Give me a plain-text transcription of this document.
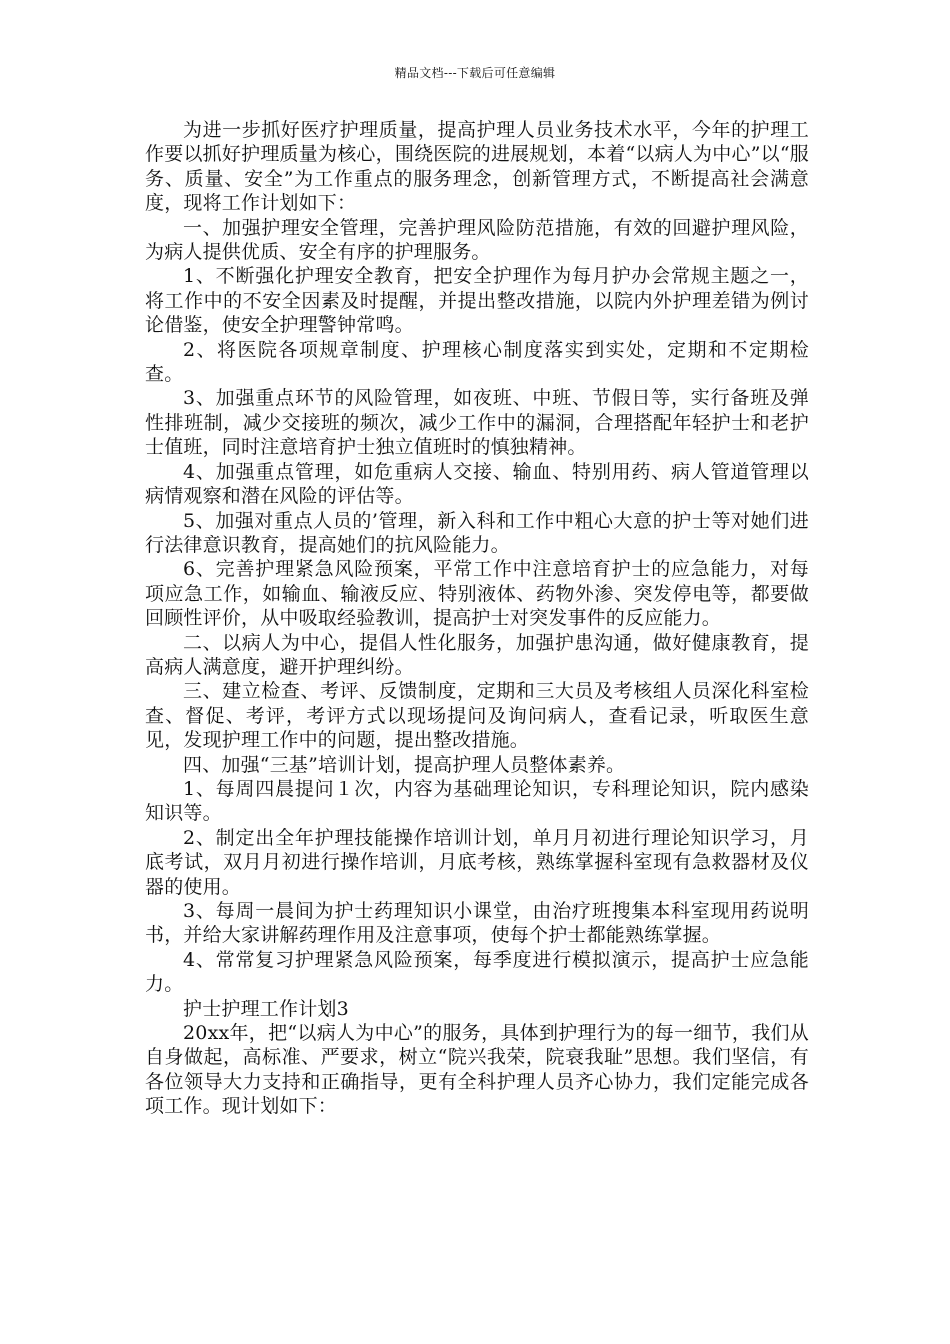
精品文档---下载后可任意编辑

为进一步抓好医疗护理质量，提高护理人员业务技术水平，今年的护理工作要以抓好护理质量为核心，围绕医院的进展规划，本着“以病人为中心”以“服务、质量、安全”为工作重点的服务理念，创新管理方式，不断提高社会满意度，现将工作计划如下：

一、加强护理安全管理，完善护理风险防范措施，有效的回避护理风险，为病人提供优质、安全有序的护理服务。

1、不断强化护理安全教育，把安全护理作为每月护办会常规主题之一，将工作中的不安全因素及时提醒，并提出整改措施，以院内外护理差错为例讨论借鉴，使安全护理警钟常鸣。

2、将医院各项规章制度、护理核心制度落实到实处，定期和不定期检查。

3、加强重点环节的风险管理，如夜班、中班、节假日等，实行备班及弹性排班制，减少交接班的频次，减少工作中的漏洞，合理搭配年轻护士和老护士值班，同时注意培育护士独立值班时的慎独精神。

4、加强重点管理，如危重病人交接、输血、特别用药、病人管道管理以病情观察和潜在风险的评估等。

5、加强对重点人员的’管理，新入科和工作中粗心大意的护士等对她们进行法律意识教育，提高她们的抗风险能力。

6、完善护理紧急风险预案，平常工作中注意培育护士的应急能力，对每项应急工作，如输血、输液反应、特别液体、药物外渗、突发停电等，都要做回顾性评价，从中吸取经验教训，提高护士对突发事件的反应能力。

二、以病人为中心，提倡人性化服务，加强护患沟通，做好健康教育，提高病人满意度，避开护理纠纷。

三、建立检查、考评、反馈制度，定期和三大员及考核组人员深化科室检查、督促、考评，考评方式以现场提问及询问病人，查看记录，听取医生意见，发现护理工作中的问题，提出整改措施。

四、加强“三基”培训计划，提高护理人员整体素养。

1、每周四晨提问１次，内容为基础理论知识，专科理论知识，院内感染知识等。

2、制定出全年护理技能操作培训计划，单月月初进行理论知识学习，月底考试，双月月初进行操作培训，月底考核，熟练掌握科室现有急救器材及仪器的使用。

3、每周一晨间为护士药理知识小课堂，由治疗班搜集本科室现用药说明书，并给大家讲解药理作用及注意事项，使每个护士都能熟练掌握。

4、常常复习护理紧急风险预案，每季度进行模拟演示，提高护士应急能力。

护士护理工作计划3

20xx年，把“以病人为中心”的服务，具体到护理行为的每一细节，我们从自身做起，高标准、严要求，树立“院兴我荣，院衰我耻”思想。我们坚信，有各位领导大力支持和正确指导，更有全科护理人员齐心协力，我们定能完成各项工作。现计划如下：
